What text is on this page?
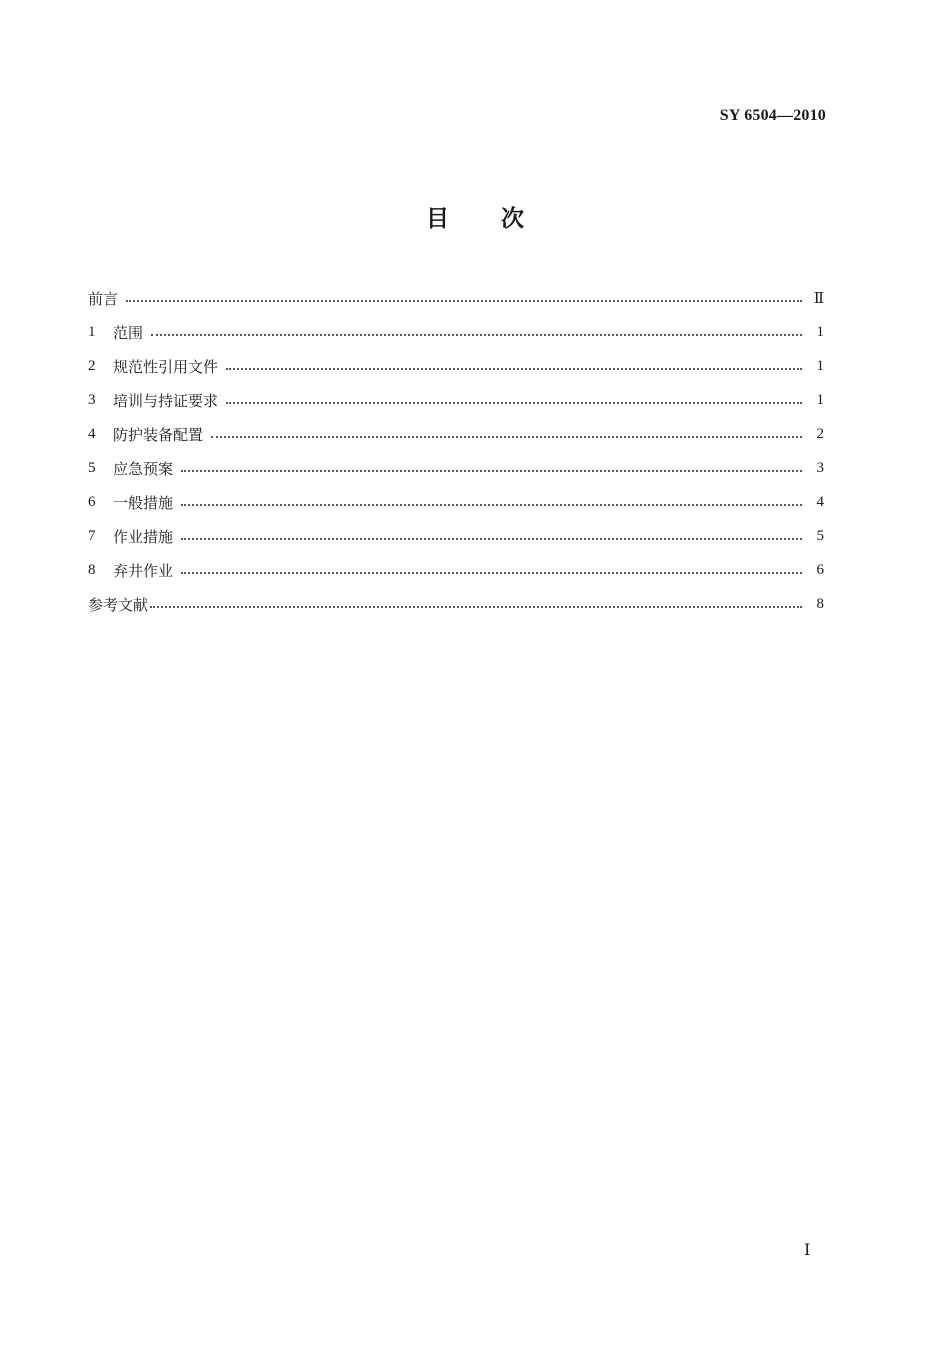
SY 6504—2010
目 次
前言	Ⅱ
1	范围	1
2	规范性引用文件	1
3	培训与持证要求	1
4	防护装备配置	2
5	应急预案	3
6	一般措施	4
7	作业措施	5
8	弃井作业	6
参考文献	8
Ⅰ
